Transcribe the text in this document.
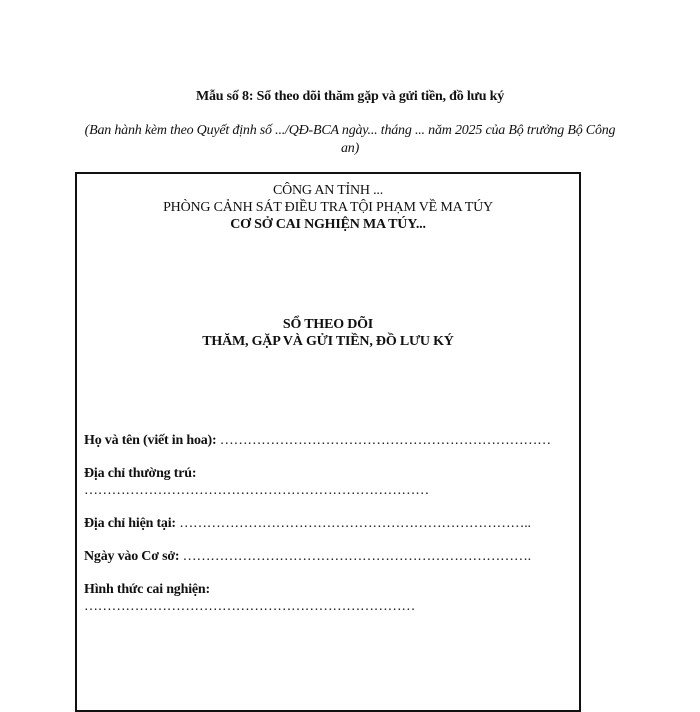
Mẫu số 8: Sổ theo dõi thăm gặp và gửi tiền, đồ lưu ký
(Ban hành kèm theo Quyết định số .../QĐ-BCA ngày... tháng ... năm 2025 của Bộ trưởng Bộ Công an)
CÔNG AN TỈNH ...
PHÒNG CẢNH SÁT ĐIỀU TRA TỘI PHẠM VỀ MA TÚY
CƠ SỞ CAI NGHIỆN MA TÚY...
SỔ THEO DÕI
THĂM, GẶP VÀ GỬI TIỀN, ĐỒ LƯU KÝ
Họ và tên (viết in hoa): ………………………………………………………………
Địa chỉ thường trú:
…………………………………………………………………
Địa chỉ hiện tại: …………………………………………………………………..
Ngày vào Cơ sở: ………………………………………………………………….
Hình thức cai nghiện:
………………………………………………………………
